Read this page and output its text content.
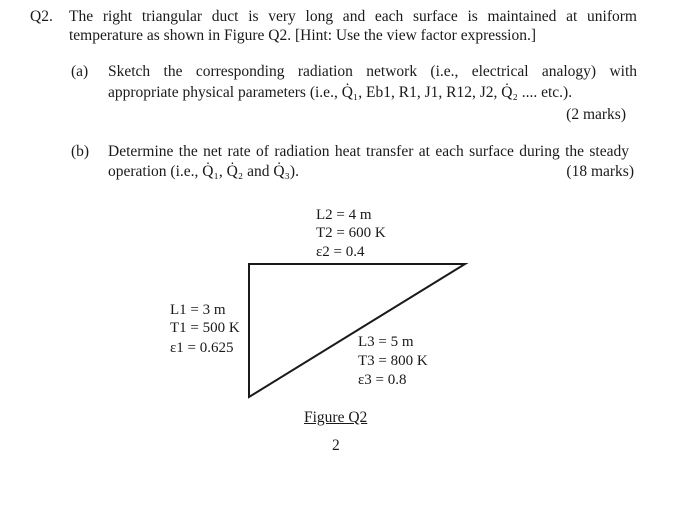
Q2. The right triangular duct is very long and each surface is maintained at uniform
temperature as shown in Figure Q2. [Hint: Use the view factor expression.]
(a) Sketch the corresponding radiation network (i.e., electrical analogy) with
appropriate physical parameters (i.e., Q̇₁, Eb1, R1, J1, R12, J2, Q̇₂ .... etc.).
(2 marks)
(b) Determine the net rate of radiation heat transfer at each surface during the steady
operation (i.e., Q̇₁, Q̇₂ and Q̇₃).	(18 marks)
L2 = 4 m
T2 = 600 K
ε2 = 0.4
L1 = 3 m
T1 = 500 K
ε1 = 0.625	L3 = 5 m
T3 = 800 K
ε3 = 0.8
Figure Q2
2
